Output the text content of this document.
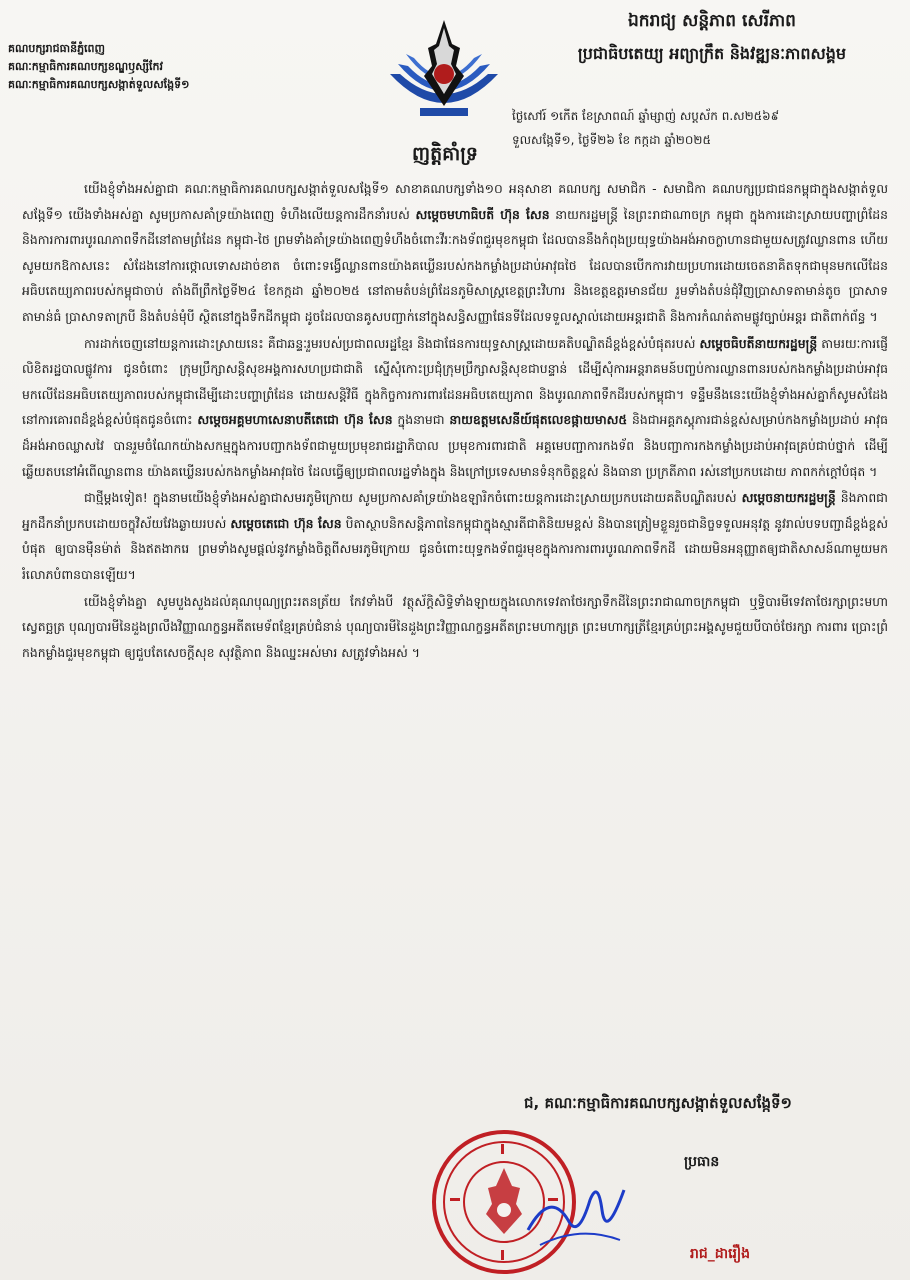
គណបក្សរាជធានីភ្នំពេញ
គណៈកម្មាធិការគណបក្សខណ្ឌឫស្សីកែវ
គណៈកម្មាធិការគណបក្សសង្កាត់ទួលសង្កែទី១
ញត្តិគាំទ្រ
ឯករាជ្យ សន្តិភាព សេរីភាព
ប្រជាធិបតេយ្យ អព្យាក្រឹត និងវឌ្ឍនៈភាពសង្គម
ថ្ងៃសៅរ៍ ១កើត ខែស្រាពណ៍ ឆ្នាំម្សាញ់ សប្តស័ក ព.ស២៥៦៩
ទួលសង្កែទី១, ថ្ងៃទី២៦ ខែ កក្កដា ឆ្នាំ២០២៥

យើងខ្ញុំទាំងអស់គ្នាជា គណៈកម្មាធិការគណបក្សសង្កាត់ទួលសង្កែទី១ សាខាគណបក្សទាំង១០ អនុសាខា គណបក្ស សមាជិក - សមាជិកា គណបក្សប្រជាជនកម្ពុជាក្នុងសង្កាត់ទួលសង្កែទី១ យើងទាំងអស់គ្នា សូមប្រកាសគាំទ្រយ៉ាងពេញ ទំហឹងលើយន្តការដឹកនាំរបស់ សម្តេចមហាធិបតី ហ៊ុន សែន នាយករដ្ឋមន្ត្រី នៃព្រះរាជាណាចក្រ កម្ពុជា ក្នុងការដោះស្រាយបញ្ហាព្រំដែន និងការការពារបូរណភាពទឹកដីនៅតាមព្រំដែន កម្ពុជា-ថៃ ព្រមទាំងគាំទ្រយ៉ាងពេញទំហឹងចំពោះវីរៈកងទ័ពជួរមុខកម្ពុជា ដែលបាននឹងកំពុងប្រយុទ្ធយ៉ាងអង់អាចក្លាហានជាមួយសត្រូវឈ្លានពាន ហើយសូមយកឱកាសនេះ សំដែងនៅការថ្កោលទោសដាច់ខាត ចំពោះទង្វើឈ្លានពានយ៉ាងគឃ្លើនរបស់កងកម្លាំងប្រដាប់អាវុធថៃ ដែលបានបើកការវាយប្រហារដោយចេតនាគិតទុកជាមុនមកលើដែនអធិបតេយ្យភាពរបស់កម្ពុជាចាប់ តាំងពីព្រឹកថ្ងៃទី២៤ ខែកក្កដា ឆ្នាំ២០២៥ នៅតាមតំបន់ព្រំដែនភូមិសាស្ត្រខេត្តព្រះវិហារ និងខេត្តឧត្តរមានជ័យ រួមទាំងតំបន់ជុំវិញប្រាសាទតាមាន់តូច ប្រាសាទតាមាន់ធំ ប្រាសាទតាក្របី និងតំបន់មុំបី ស្ថិតនៅក្នុងទឹកដីកម្ពុជា ដូចដែលបានគូសបញ្ជាក់នៅក្នុងសន្ធិសញ្ញាផែនទីដែលទទួលស្គាល់ដោយអន្តរជាតិ និងការកំណត់តាមផ្លូវច្បាប់អន្តរ ជាតិពាក់ព័ន្ធ ។

ការដាក់ចេញនៅយន្តការដោះស្រាយនេះ គឺជាឆន្ទៈរួមរបស់ប្រជាពលរដ្ឋខ្មែរ និងជាផែនការយុទ្ធសាស្ត្រដោយគតិបណ្ឌិតដ៏ខ្ពង់ខ្ពស់បំផុតរបស់ សម្តេចធិបតីនាយករដ្ឋមន្ត្រី តាមរយៈការផ្ញើលិខិតរដ្ឋបាលផ្លូវការ ជូនចំពោះ ក្រុមប្រឹក្សាសន្តិសុខអង្គការសហប្រជាជាតិ ស្នើសុំកោះប្រជុំក្រុមប្រឹក្សាសន្តិសុខជាបន្ទាន់ ដើម្បីសុំការអន្តរាគមន៍បញ្ចប់ការឈ្លានពានរបស់កងកម្លាំងប្រដាប់អាវុធ មកលើដែនអធិបតេយ្យភាពរបស់កម្ពុជាដើម្បីដោះបញ្ហាព្រំដែន ដោយសន្តិវិធី ក្នុងកិច្ចការការពារដែនអធិបតេយ្យភាព និងបូរណភាពទឹកដីរបស់កម្ពុជា។ ទន្ទឹមនឹងនេះយើងខ្ញុំទាំងអស់គ្នាក៏សូមសំដែងនៅការគោរពដ៏ខ្ពង់ខ្ពស់បំផុតជូនចំពោះ សម្តេចអគ្គមហាសេនាបតីតេជោ ហ៊ុន សែន ក្នុងនាមជា នាយឧត្តមសេនីយ៍ផុតលេខផ្កាយមាស៥ និងជាអគ្គភស្តុភារជាន់ខ្ពស់សម្រាប់កងកម្លាំងប្រដាប់ អាវុធដ៏អង់អាចឈ្លាសវៃ បានរួមចំណែកយ៉ាងសកម្មក្នុងការបញ្ជាកងទ័ពជាមួយប្រមុខរាជរដ្ឋាភិបាល ប្រមុខការពារជាតិ អគ្គមេបញ្ជាការកងទ័ព និងបញ្ជាការកងកម្លាំងប្រដាប់អាវុធគ្រប់ជាប់ថ្នាក់ ដើម្បីឆ្លើយតបនៅអំពើឈ្លានពាន យ៉ាងគឃ្លើនរបស់កងកម្លាំងអាវុធថៃ ដែលធ្វើឲ្យប្រជាពលរដ្ឋទាំងក្នុង និងក្រៅប្រទេសមានទំនុកចិត្តខ្ពស់ និងធានា ប្រក្រតីភាព រស់នៅប្រកបដោយ ភាពកក់ក្ដៅបំផុត ។

ជាថ្មីម្តងទៀត! ក្នុងនាមយើងខ្ញុំទាំងអស់គ្នាជាសមរភូមិក្រោយ សូមប្រកាសគាំទ្រយ៉ាងឧឡារិកចំពោះយន្តការដោះស្រាយប្រកបដោយគតិបណ្ឌិតរបស់ សម្តេចនាយករដ្ឋមន្ត្រី និងភាពជាអ្នកដឹកនាំប្រកបដោយចក្ខុវិស័យវែងឆ្ងាយរបស់ សម្តេចតេជោ ហ៊ុន សែន បិតាស្ថាបនិកសន្តិភាពនៃកម្ពុជាក្នុងស្មារតីជាតិនិយមខ្ពស់ និងបានត្រៀមខ្លួនរួចជានិច្ចទទួលអនុវត្ត នូវរាល់បទបញ្ជាដ៏ខ្ពង់ខ្ពស់បំផុត ឲ្យបានម៉ឺនម៉ាត់ និងឥតងាករេ ព្រមទាំងសូមផ្តល់នូវកម្លាំងចិត្តពីសមរភូមិក្រោយ ជូនចំពោះយុទ្ធកងទ័ពជួរមុខក្នុងការការពារបូរណភាពទឹកដី ដោយមិនអនុញ្ញាតឲ្យជាតិសាសន៍ណាមួយមក រំលោភបំពានបានឡើយ។

យើងខ្ញុំទាំងគ្នា សូមបួងសួងដល់គុណបុណ្យព្រះរតនត្រ័យ កែវទាំងបី វត្ថុស័ក្តិសិទ្ធិទាំងឡាយក្នុងលោកទេវតាថែរក្សាទឹកដីនៃព្រះរាជាណាចក្រកម្ពុជា ឬទ្ធិបារមីទេវតាថែរក្សាព្រះមហាស្វេតច្ឆត្រ បុណ្យបារមីនៃដួងព្រលឹងវិញ្ញាណក្ខន្ធអតីតមេទ័ពខ្មែរគ្រប់ជំនាន់ បុណ្យបារមីនៃដួងព្រះវិញ្ញាណក្ខន្ធអតីតព្រះមហាក្សត្រ ព្រះមហាក្សត្រីខ្មែរគ្រប់ព្រះអង្គសូមជួយបីបាច់ថែរក្សា ការពារ ប្រោះព្រំ កងកម្លាំងជួរមុខកម្ពុជា ឲ្យជួបតែសេចក្តីសុខ សុវត្ថិភាព និងឈ្នះអស់មារ សត្រូវទាំងអស់ ។

ជ, គណៈកម្មាធិការគណបក្សសង្កាត់ទួលសង្កែទី១
ប្រធាន
រាជ_ដារឿង
